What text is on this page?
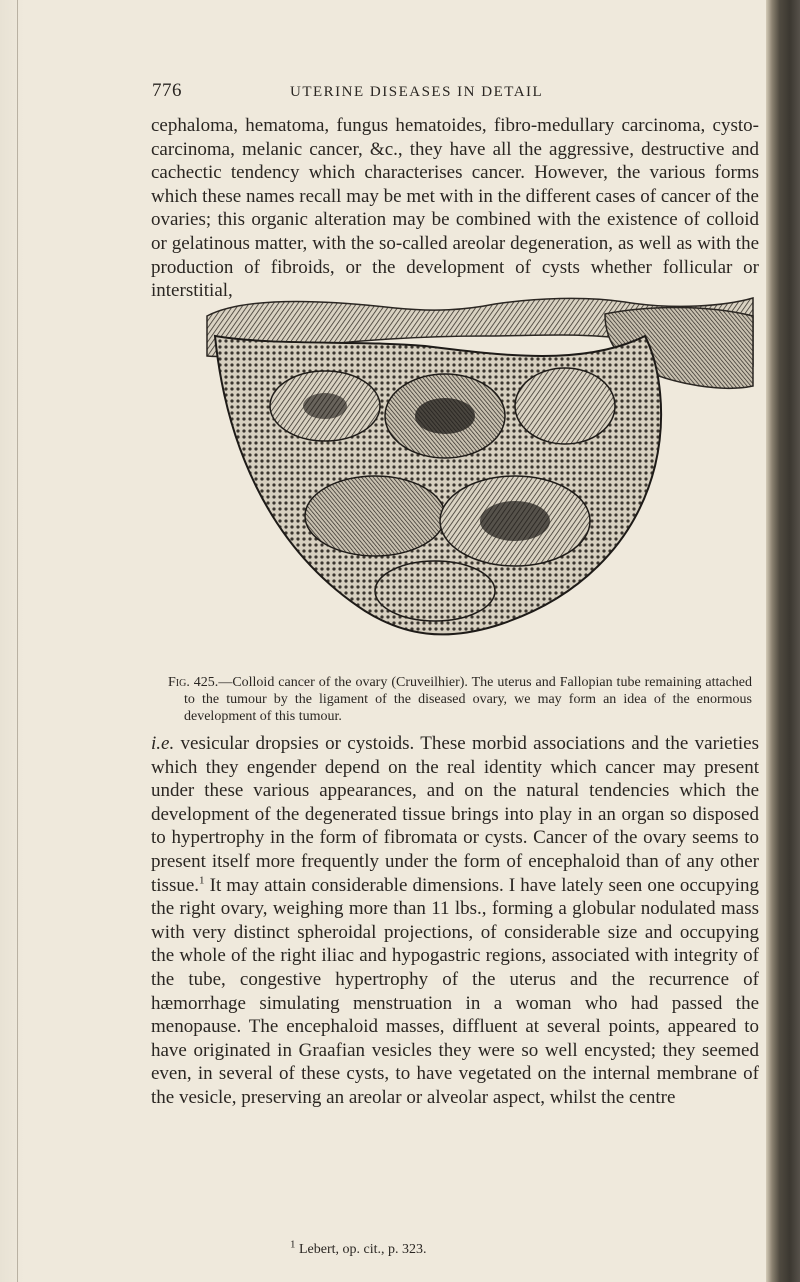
776	UTERINE DISEASES IN DETAIL

cephaloma, hematoma, fungus hematoides, fibro-medullary carcinoma, cysto-carcinoma, melanic cancer, &c., they have all the aggressive, destructive and cachectic tendency which characterises cancer. However, the various forms which these names recall may be met with in the different cases of cancer of the ovaries; this organic alteration may be combined with the existence of colloid or gelatinous matter, with the so-called areolar degeneration, as well as with the production of fibroids, or the development of cysts whether follicular or interstitial,

Fig. 425.—Colloid cancer of the ovary (Cruveilhier). The uterus and Fallopian tube remaining attached to the tumour by the ligament of the diseased ovary, we may form an idea of the enormous development of this tumour.

i.e. vesicular dropsies or cystoids. These morbid associations and the varieties which they engender depend on the real identity which cancer may present under these various appearances, and on the natural tendencies which the development of the degenerated tissue brings into play in an organ so disposed to hypertrophy in the form of fibromata or cysts. Cancer of the ovary seems to present itself more frequently under the form of encephaloid than of any other tissue.$^1$ It may attain considerable dimensions. I have lately seen one occupying the right ovary, weighing more than 11 lbs., forming a globular nodulated mass with very distinct spheroidal projections, of considerable size and occupying the whole of the right iliac and hypogastric regions, associated with integrity of the tube, congestive hypertrophy of the uterus and the recurrence of hæmorrhage simulating menstruation in a woman who had passed the menopause. The encephaloid masses, diffluent at several points, appeared to have originated in Graafian vesicles they were so well encysted; they seemed even, in several of these cysts, to have vegetated on the internal membrane of the vesicle, preserving an areolar or alveolar aspect, whilst the centre

$^1$ Lebert, op. cit., p. 323.
